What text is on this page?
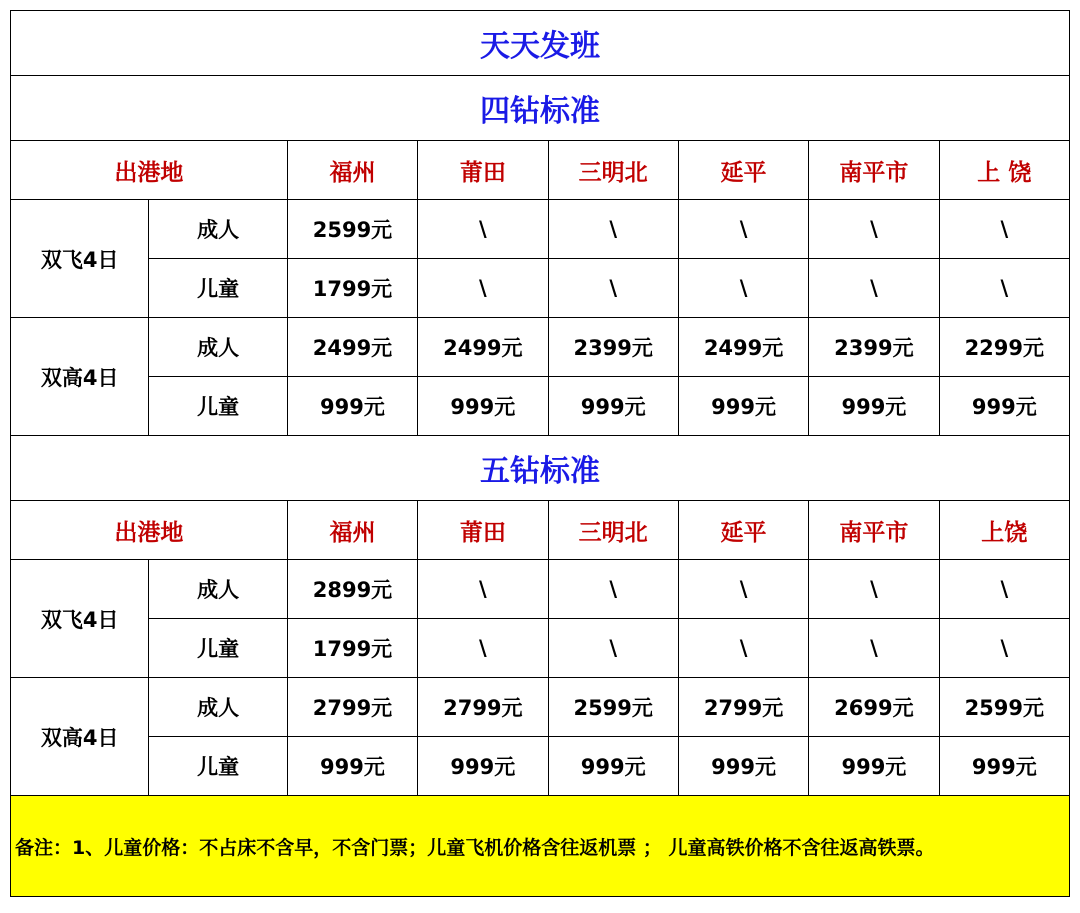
天天发班							
四钻标准							
出港地		福州	莆田	三明北	延平	南平市	上 饶
双飞4日	成人	2599元	\	\	\	\	\
	儿童	1799元	\	\	\	\	\
双高4日	成人	2499元	2499元	2399元	2499元	2399元	2299元
	儿童	999元	999元	999元	999元	999元	999元
五钻标准							
出港地		福州	莆田	三明北	延平	南平市	上饶
双飞4日	成人	2899元	\	\	\	\	\
	儿童	1799元	\	\	\	\	\
双高4日	成人	2799元	2799元	2599元	2799元	2699元	2599元
	儿童	999元	999元	999元	999元	999元	999元
备注：1、儿童价格：不占床不含早，不含门票；儿童飞机价格含往返机票 ； 儿童高铁价格不含往返高铁票。							
